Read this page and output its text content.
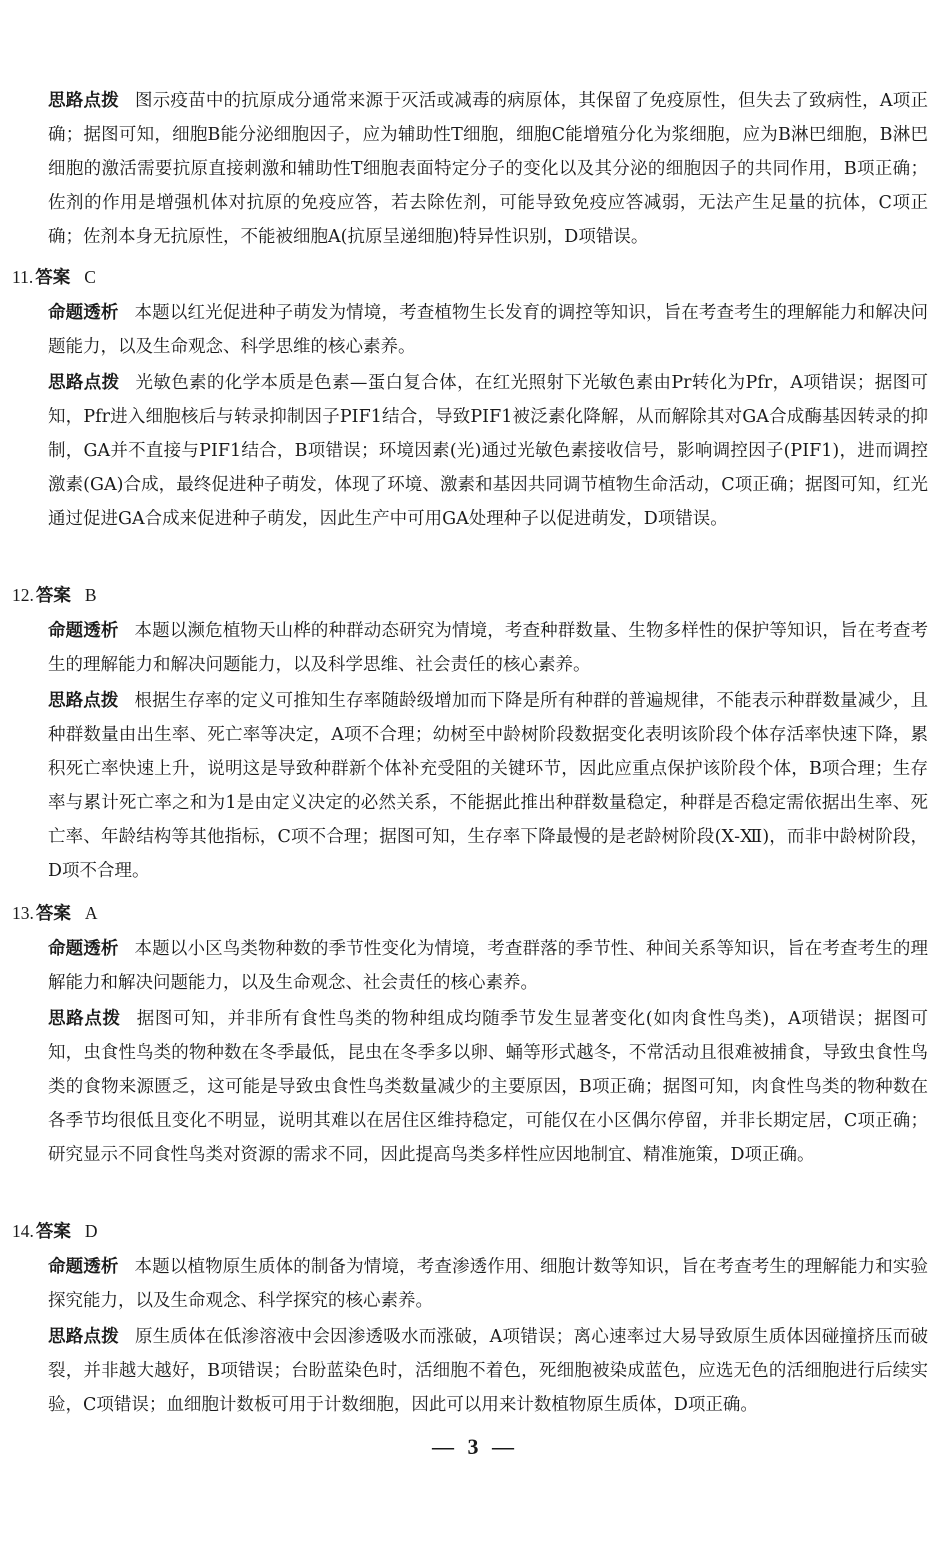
思路点拨 图示疫苗中的抗原成分通常来源于灭活或减毒的病原体，其保留了免疫原性，但失去了致病性，A项正确；据图可知，细胞B能分泌细胞因子，应为辅助性T细胞，细胞C能增殖分化为浆细胞，应为B淋巴细胞，B淋巴细胞的激活需要抗原直接刺激和辅助性T细胞表面特定分子的变化以及其分泌的细胞因子的共同作用，B项正确；佐剂的作用是增强机体对抗原的免疫应答，若去除佐剂，可能导致免疫应答减弱，无法产生足量的抗体，C项正确；佐剂本身无抗原性，不能被细胞A(抗原呈递细胞)特异性识别，D项错误。

11. 答案 C

命题透析 本题以红光促进种子萌发为情境，考查植物生长发育的调控等知识，旨在考查考生的理解能力和解决问题能力，以及生命观念、科学思维的核心素养。

思路点拨 光敏色素的化学本质是色素—蛋白复合体，在红光照射下光敏色素由Pr转化为Pfr，A项错误；据图可知，Pfr进入细胞核后与转录抑制因子PIF1结合，导致PIF1被泛素化降解，从而解除其对GA合成酶基因转录的抑制，GA并不直接与PIF1结合，B项错误；环境因素(光)通过光敏色素接收信号，影响调控因子(PIF1)，进而调控激素(GA)合成，最终促进种子萌发，体现了环境、激素和基因共同调节植物生命活动，C项正确；据图可知，红光通过促进GA合成来促进种子萌发，因此生产中可用GA处理种子以促进萌发，D项错误。

12. 答案 B

命题透析 本题以濒危植物天山桦的种群动态研究为情境，考查种群数量、生物多样性的保护等知识，旨在考查考生的理解能力和解决问题能力，以及科学思维、社会责任的核心素养。

思路点拨 根据生存率的定义可推知生存率随龄级增加而下降是所有种群的普遍规律，不能表示种群数量减少，且种群数量由出生率、死亡率等决定，A项不合理；幼树至中龄树阶段数据变化表明该阶段个体存活率快速下降，累积死亡率快速上升，说明这是导致种群新个体补充受阻的关键环节，因此应重点保护该阶段个体，B项合理；生存率与累计死亡率之和为1是由定义决定的必然关系，不能据此推出种群数量稳定，种群是否稳定需依据出生率、死亡率、年龄结构等其他指标，C项不合理；据图可知，生存率下降最慢的是老龄树阶段(Ⅹ-Ⅻ)，而非中龄树阶段，D项不合理。

13. 答案 A

命题透析 本题以小区鸟类物种数的季节性变化为情境，考查群落的季节性、种间关系等知识，旨在考查考生的理解能力和解决问题能力，以及生命观念、社会责任的核心素养。

思路点拨 据图可知，并非所有食性鸟类的物种组成均随季节发生显著变化(如肉食性鸟类)，A项错误；据图可知，虫食性鸟类的物种数在冬季最低，昆虫在冬季多以卵、蛹等形式越冬，不常活动且很难被捕食，导致虫食性鸟类的食物来源匮乏，这可能是导致虫食性鸟类数量减少的主要原因，B项正确；据图可知，肉食性鸟类的物种数在各季节均很低且变化不明显，说明其难以在居住区维持稳定，可能仅在小区偶尔停留，并非长期定居，C项正确；研究显示不同食性鸟类对资源的需求不同，因此提高鸟类多样性应因地制宜、精准施策，D项正确。

14. 答案 D

命题透析 本题以植物原生质体的制备为情境，考查渗透作用、细胞计数等知识，旨在考查考生的理解能力和实验探究能力，以及生命观念、科学探究的核心素养。

思路点拨 原生质体在低渗溶液中会因渗透吸水而涨破，A项错误；离心速率过大易导致原生质体因碰撞挤压而破裂，并非越大越好，B项错误；台盼蓝染色时，活细胞不着色，死细胞被染成蓝色，应选无色的活细胞进行后续实验，C项错误；血细胞计数板可用于计数细胞，因此可以用来计数植物原生质体，D项正确。

— 3 —
